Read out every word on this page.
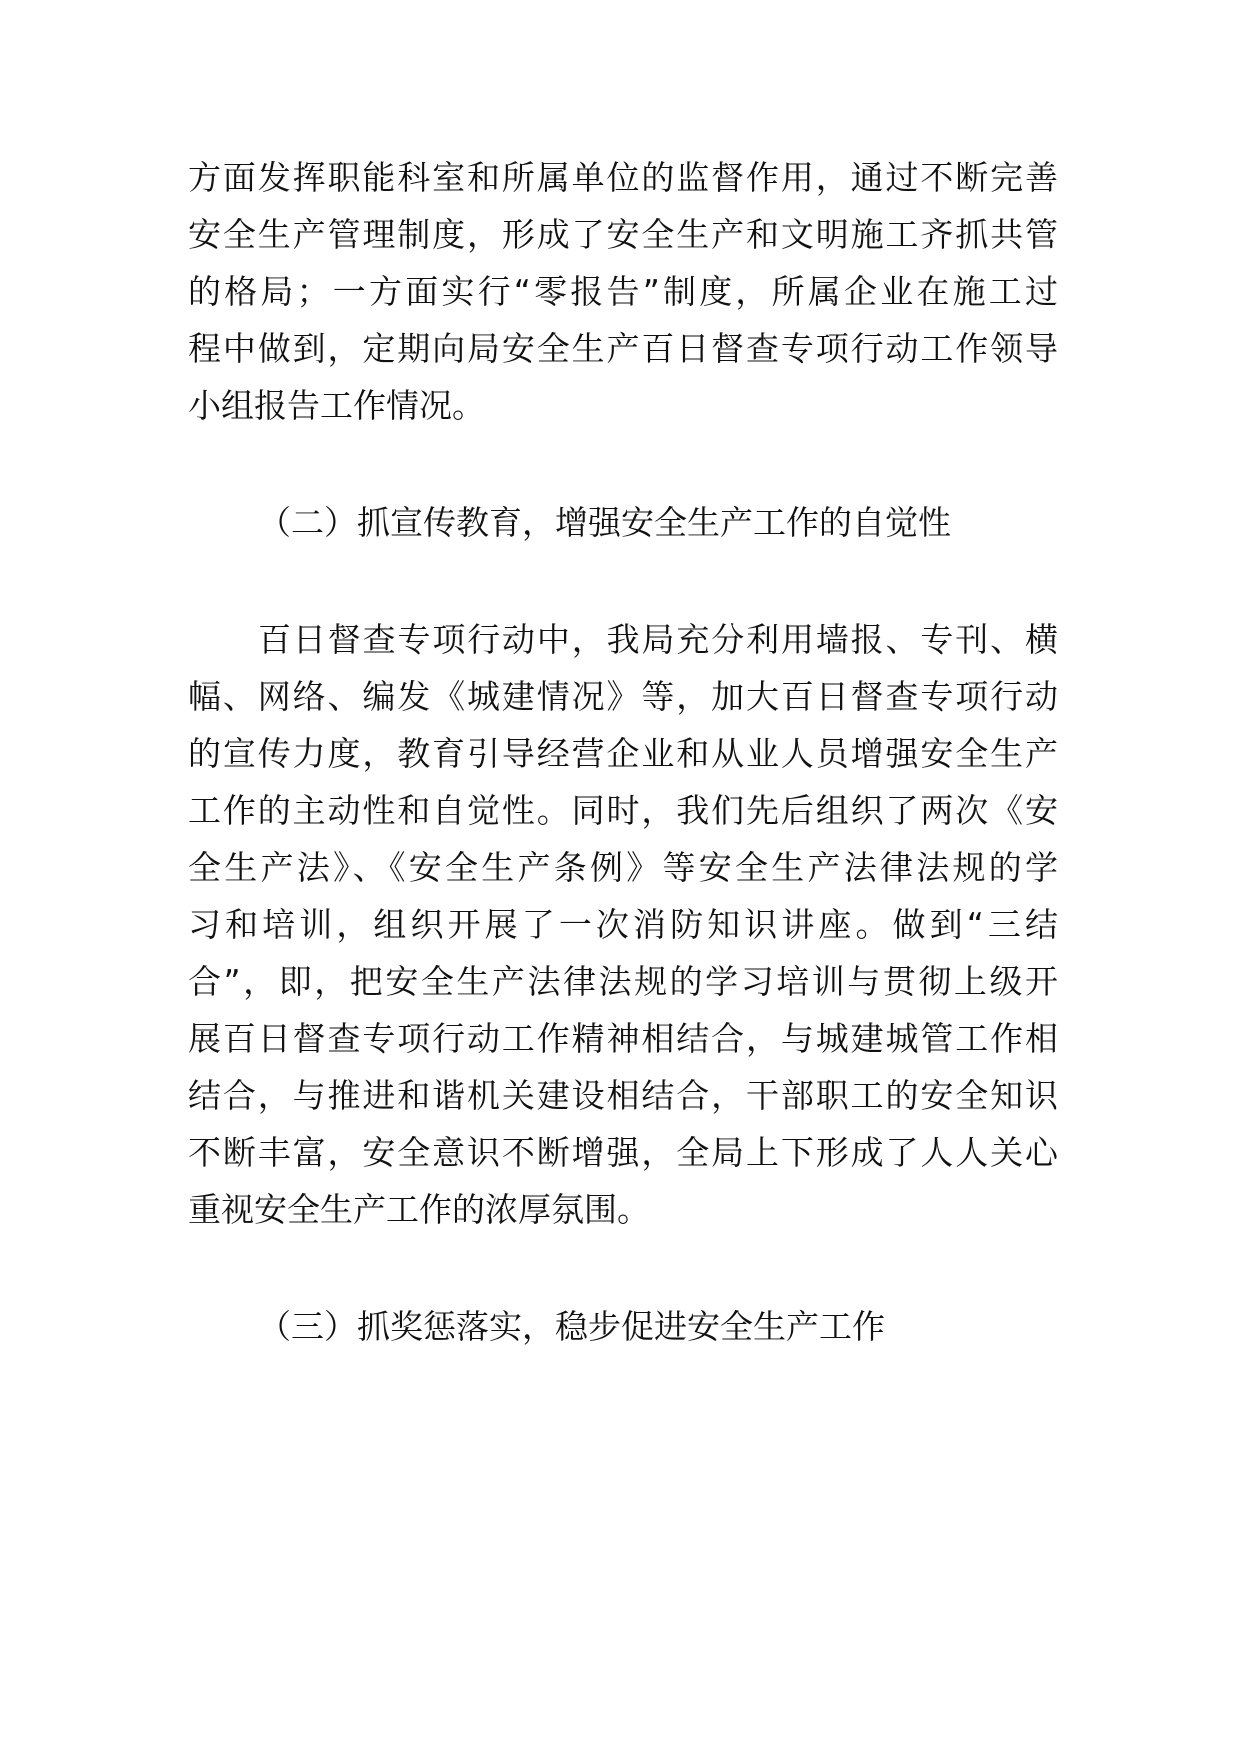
方面发挥职能科室和所属单位的监督作用，通过不断完善
安全生产管理制度，形成了安全生产和文明施工齐抓共管
的格局；一方面实行“零报告”制度，所属企业在施工过
程中做到，定期向局安全生产百日督查专项行动工作领导
小组报告工作情况。
（二）抓宣传教育，增强安全生产工作的自觉性
百日督查专项行动中，我局充分利用墙报、专刊、横
幅、网络、编发《城建情况》等，加大百日督查专项行动
的宣传力度，教育引导经营企业和从业人员增强安全生产
工作的主动性和自觉性。同时，我们先后组织了两次《安
全生产法》、《安全生产条例》等安全生产法律法规的学
习和培训，组织开展了一次消防知识讲座。做到“三结
合”，即，把安全生产法律法规的学习培训与贯彻上级开
展百日督查专项行动工作精神相结合，与城建城管工作相
结合，与推进和谐机关建设相结合，干部职工的安全知识
不断丰富，安全意识不断增强，全局上下形成了人人关心
重视安全生产工作的浓厚氛围。
（三）抓奖惩落实，稳步促进安全生产工作
